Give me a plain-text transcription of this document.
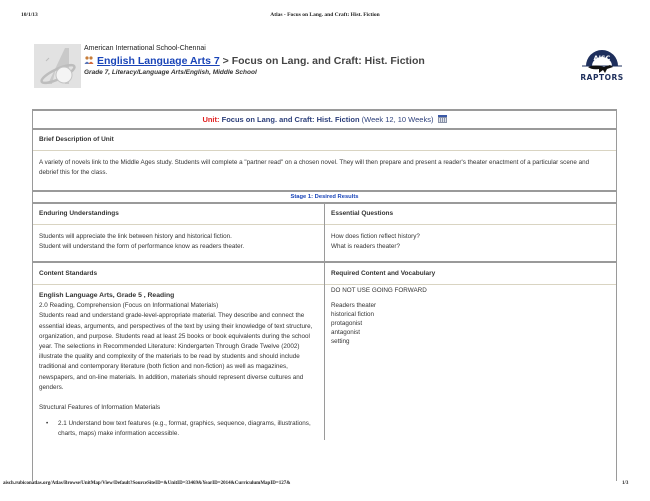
10/1/13	Atlas - Focus on Lang. and Craft: Hist. Fiction
American International School-Chennai
English Language Arts 7 > Focus on Lang. and Craft: Hist. Fiction
Grade 7, Literacy/Language Arts/English, Middle School
AISC
RAPTORS
Unit: Focus on Lang. and Craft: Hist. Fiction (Week 12, 10 Weeks)
Brief Description of Unit
A variety of novels link to the Middle Ages study. Students will complete a "partner read" on a chosen novel. They will then prepare and present a reader's theater enactment of a particular scene and debrief this for the class.
Stage 1: Desired Results
Enduring Understandings
Students will appreciate the link between history and historical fiction.
Student will understand the form of performance know as readers theater.
Essential Questions
How does fiction reflect history?
What is readers theater?
Content Standards
English Language Arts, Grade 5 , Reading
2.0 Reading, Comprehension (Focus on Informational Materials)
Students read and understand grade-level-appropriate material. They describe and connect the essential ideas, arguments, and perspectives of the text by using their knowledge of text structure, organization, and purpose. Students read at least 25 books or book equivalents during the school year. The selections in Recommended Literature: Kindergarten Through Grade Twelve (2002) illustrate the quality and complexity of the materials to be read by students and should include traditional and contemporary literature (both fiction and non-fiction) as well as magazines, newspapers, and on-line materials. In addition, materials should represent diverse cultures and genders.
Structural Features of Information Materials
• 2.1 Understand bow text features (e.g., format, graphics, sequence, diagrams, illustrations, charts, maps) make information accessible.
Required Content and Vocabulary
DO NOT USE GOING FORWARD
Readers theater
historical fiction
protagonist
antagonist
setting
aisch.rubiconatlas.org/Atlas/Browse/UnitMap/View/Default?SourceSiteID=&UnitID=33469&YearID=2014&CurriculumMapID=127&	1/3
